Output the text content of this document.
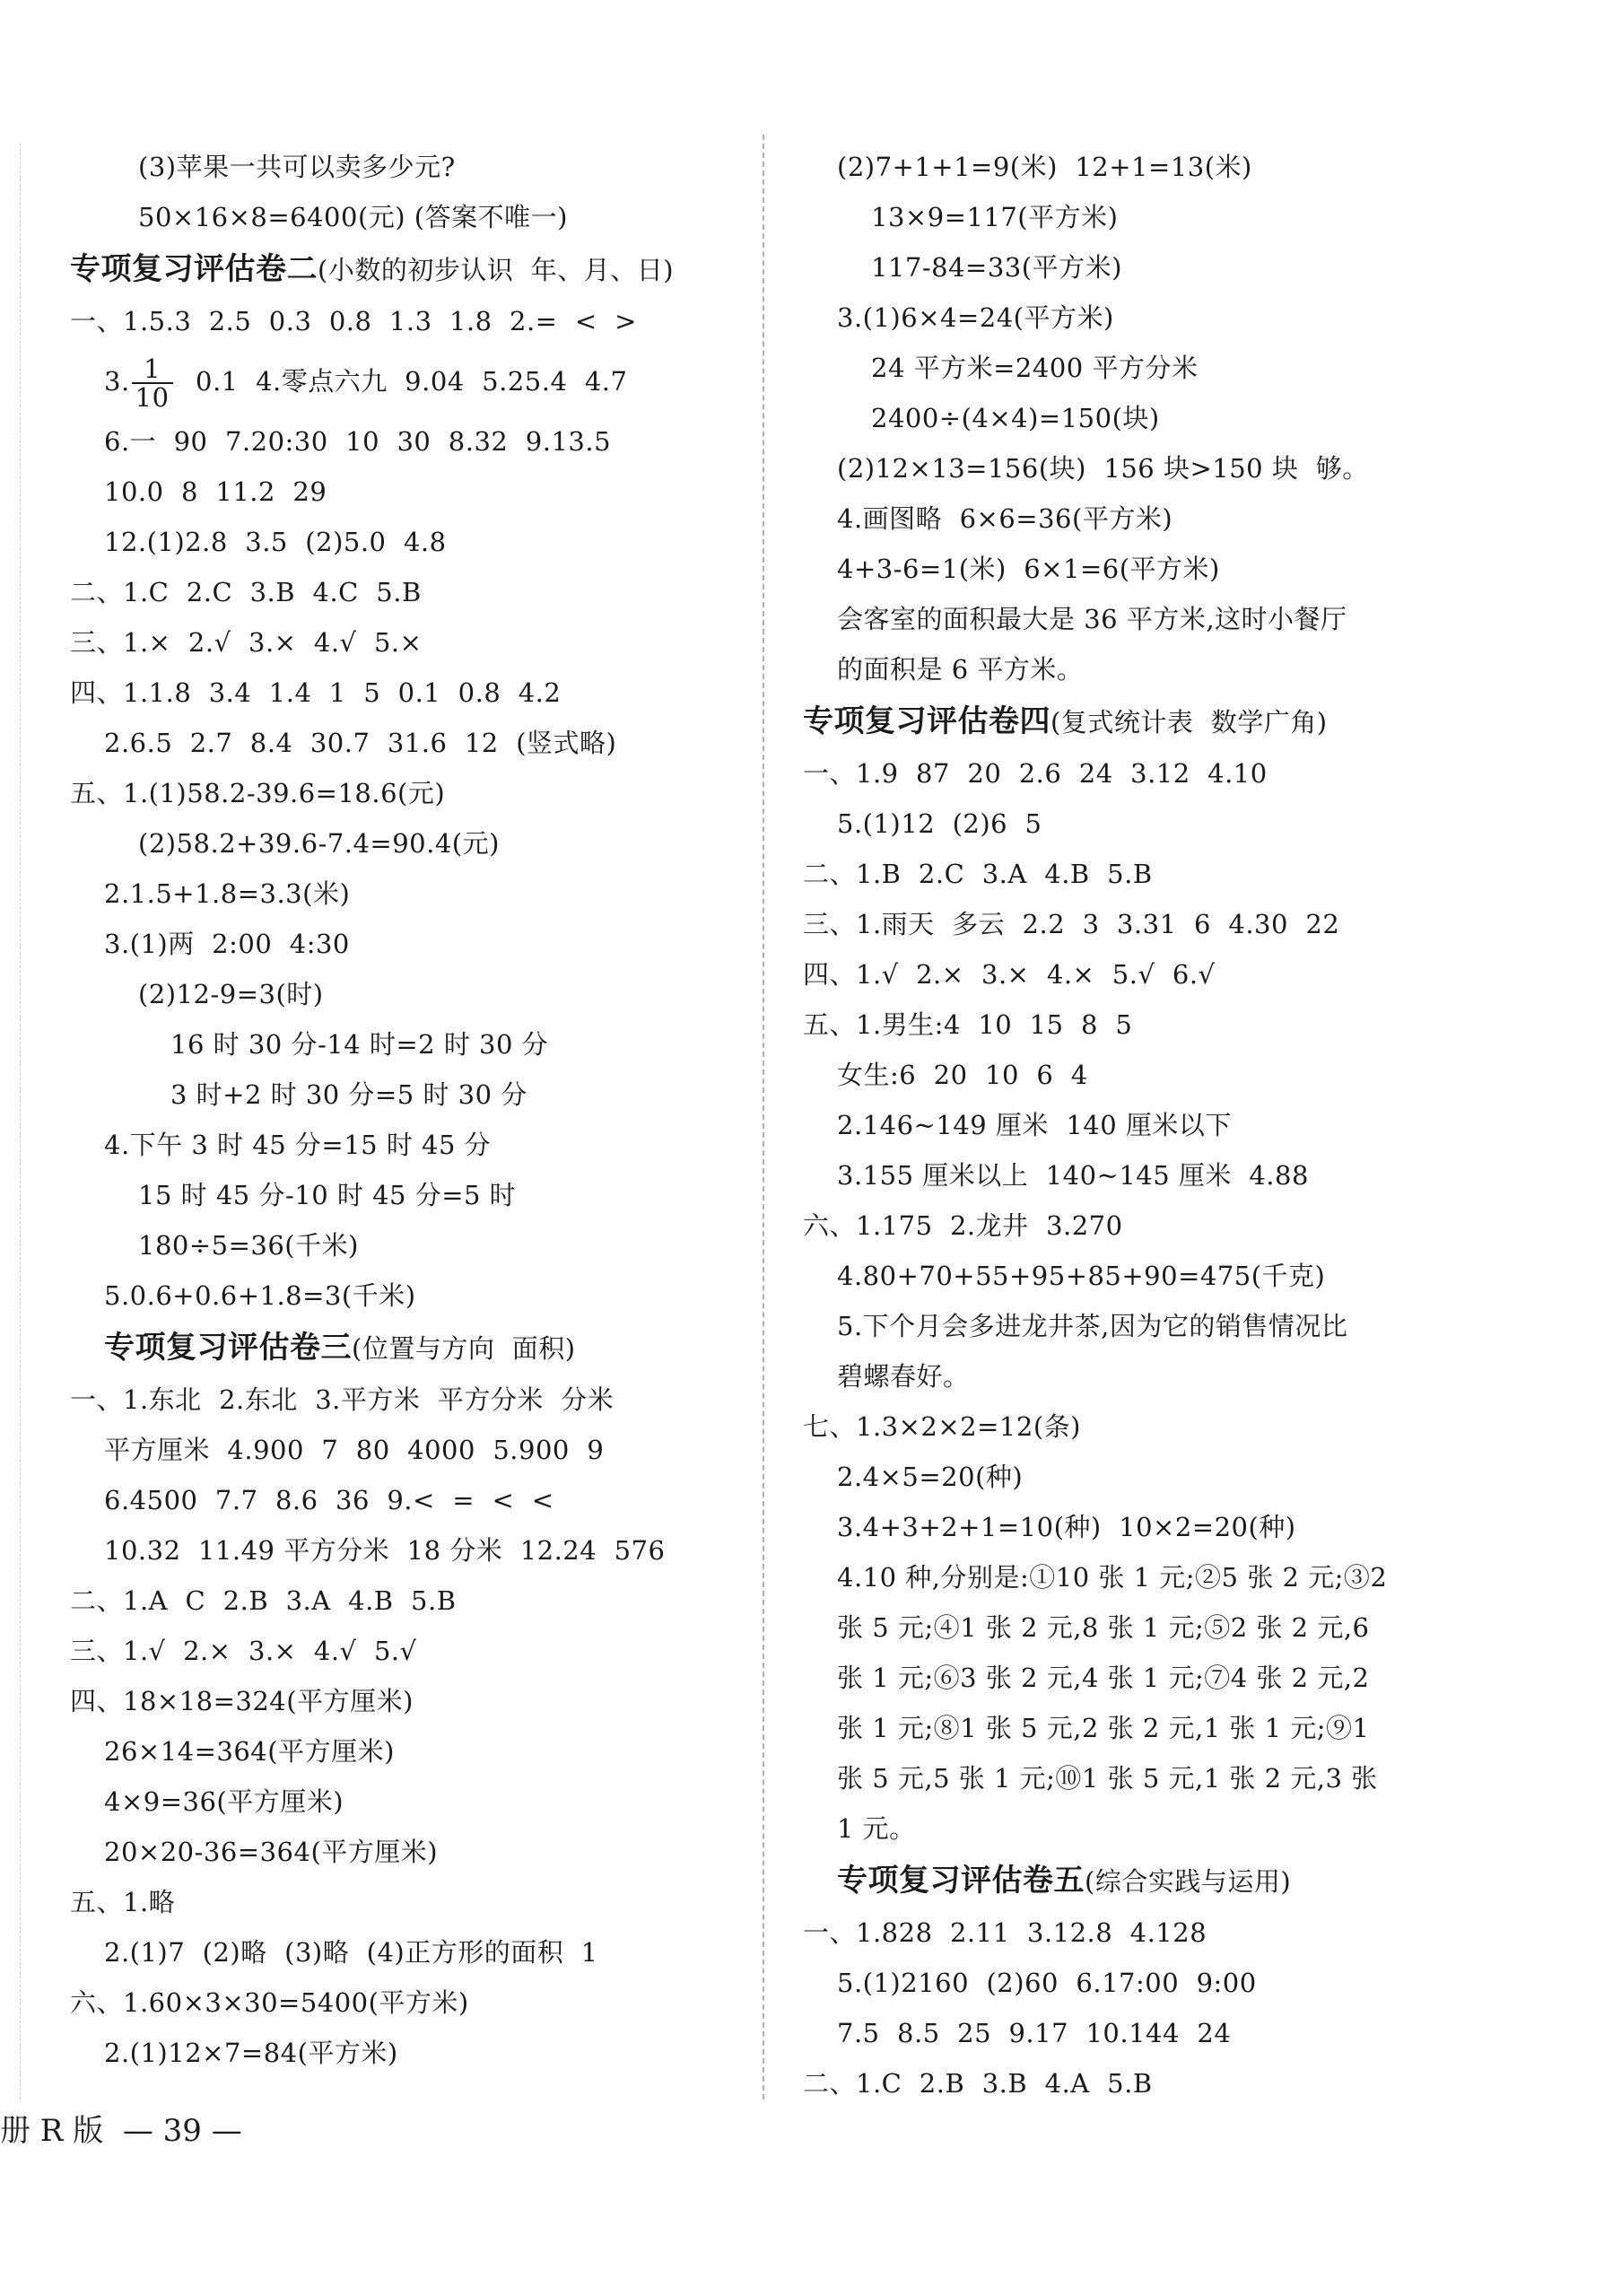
(3)苹果一共可以卖多少元?
50×16×8=6400(元) (答案不唯一)
专项复习评估卷二(小数的初步认识  年、月、日)
一、1.5.3  2.5  0.3  0.8  1.3  1.8  2.=  <  >
3. $\frac{1}{10} 0.1$  4.零点六九  9.04  5.25.4  4.7
6.一  90  7.20:30  10  30  8.32  9.13.5
10.0  8  11.2  29
12.(1)2.8  3.5  (2)5.0  4.8
二、1.C  2.C  3.B  4.C  5.B
三、1.×  2.√  3.×  4.√  5.×
四、1.1.8  3.4  1.4  1  5  0.1  0.8  4.2
2.6.5  2.7  8.4  30.7  31.6  12  (竖式略)
五、1.(1)58.2-39.6=18.6(元)
(2)58.2+39.6-7.4=90.4(元)
2.1.5+1.8=3.3(米)
3.(1)两  2:00  4:30
(2)12-9=3(时)
16 时 30 分-14 时=2 时 30 分
3 时+2 时 30 分=5 时 30 分
4.下午 3 时 45 分=15 时 45 分
15 时 45 分-10 时 45 分=5 时
180÷5=36(千米)
5.0.6+0.6+1.8=3(千米)
专项复习评估卷三(位置与方向  面积)
一、1.东北  2.东北  3.平方米  平方分米  分米
平方厘米  4.900  7  80  4000  5.900  9
6.4500  7.7  8.6  36  9.<  =  <  <
10.32  11.49 平方分米  18 分米  12.24  576
二、1.A  C  2.B  3.A  4.B  5.B
三、1.√  2.×  3.×  4.√  5.√
四、18×18=324(平方厘米)
26×14=364(平方厘米)
4×9=36(平方厘米)
20×20-36=364(平方厘米)
五、1.略
2.(1)7  (2)略  (3)略  (4)正方形的面积  1
六、1.60×3×30=5400(平方米)
2.(1)12×7=84(平方米)
(2)7+1+1=9(米)  12+1=13(米)
13×9=117(平方米)
117-84=33(平方米)
3.(1)6×4=24(平方米)
24 平方米=2400 平方分米
2400÷(4×4)=150(块)
(2)12×13=156(块)  156 块>150 块  够。
4.画图略  6×6=36(平方米)
4+3-6=1(米)  6×1=6(平方米)
会客室的面积最大是 36 平方米,这时小餐厅
的面积是 6 平方米。
专项复习评估卷四(复式统计表  数学广角)
一、1.9  87  20  2.6  24  3.12  4.10
5.(1)12  (2)6  5
二、1.B  2.C  3.A  4.B  5.B
三、1.雨天  多云  2.2  3  3.31  6  4.30  22
四、1.√  2.×  3.×  4.×  5.√  6.√
五、1.男生:4  10  15  8  5
女生:6  20  10  6  4
2.146~149 厘米  140 厘米以下
3.155 厘米以上  140~145 厘米  4.88
六、1.175  2.龙井  3.270
4.80+70+55+95+85+90=475(千克)
5.下个月会多进龙井茶,因为它的销售情况比
碧螺春好。
七、1.3×2×2=12(条)
2.4×5=20(种)
3.4+3+2+1=10(种)  10×2=20(种)
4.10 种,分别是:①10 张 1 元;②5 张 2 元;③2
张 5 元;④1 张 2 元,8 张 1 元;⑤2 张 2 元,6
张 1 元;⑥3 张 2 元,4 张 1 元;⑦4 张 2 元,2
张 1 元;⑧1 张 5 元,2 张 2 元,1 张 1 元;⑨1
张 5 元,5 张 1 元;⑩1 张 5 元,1 张 2 元,3 张
1 元。
专项复习评估卷五(综合实践与运用)
一、1.828  2.11  3.12.8  4.128
5.(1)2160  (2)60  6.17:00  9:00
7.5  8.5  25  9.17  10.144  24
二、1.C  2.B  3.B  4.A  5.B
册 R 版  — 39 —
